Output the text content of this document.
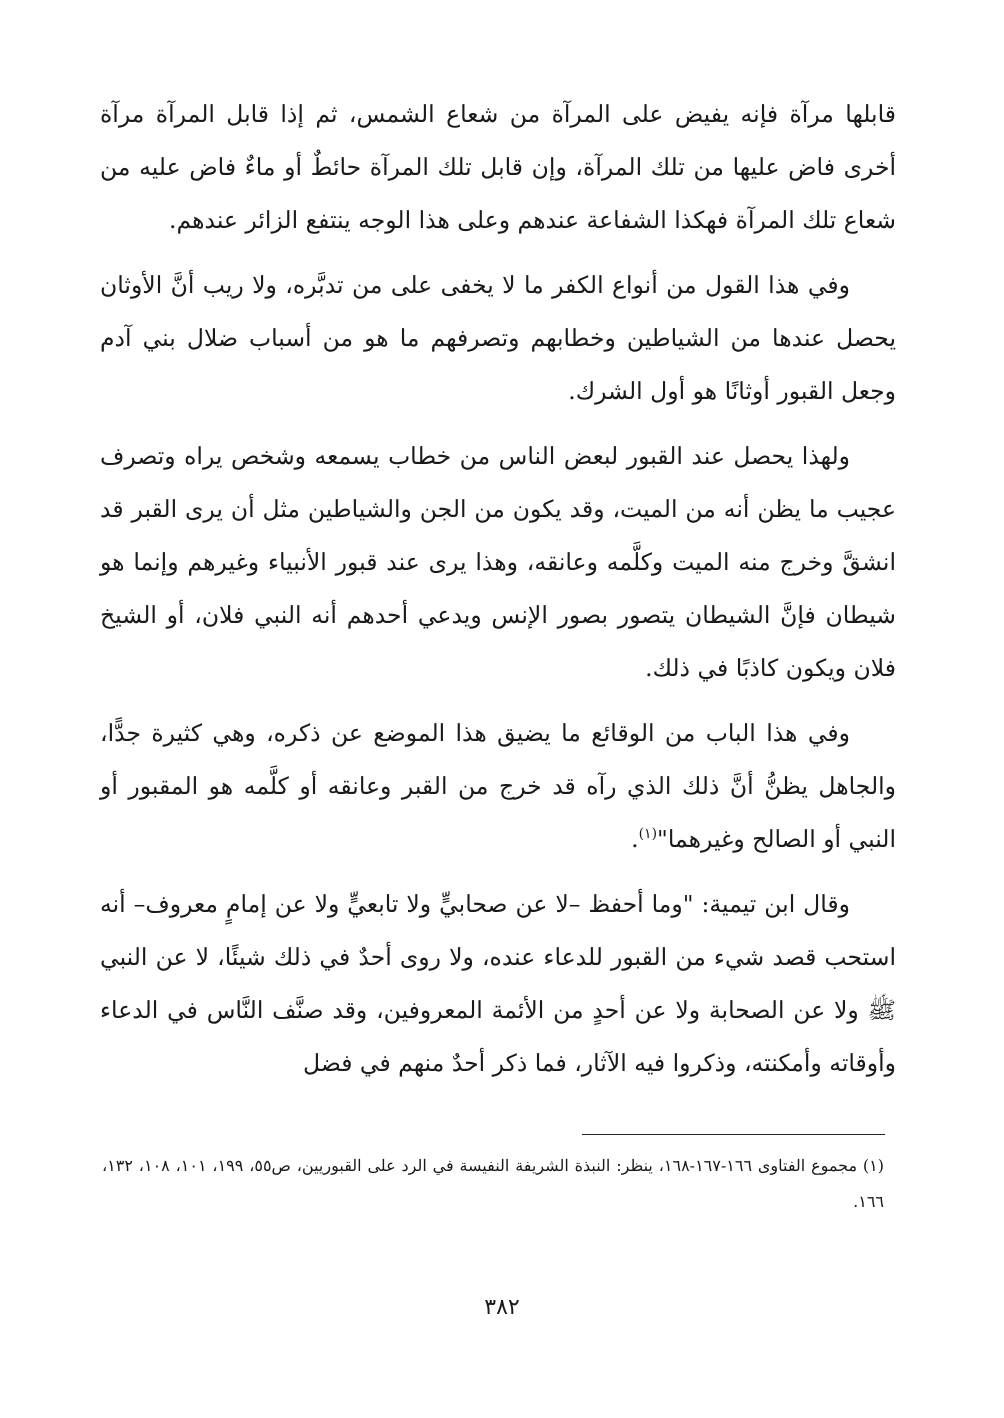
قابلها مرآة فإنه يفيض على المرآة من شعاع الشمس، ثم إذا قابل المرآة مرآة أخرى فاض عليها من تلك المرآة، وإن قابل تلك المرآة حائطٌ أو ماءٌ فاض عليه من شعاع تلك المرآة فهكذا الشفاعة عندهم وعلى هذا الوجه ينتفع الزائر عندهم.

وفي هذا القول من أنواع الكفر ما لا يخفى على من تدبَّره، ولا ريب أنَّ الأوثان يحصل عندها من الشياطين وخطابهم وتصرفهم ما هو من أسباب ضلال بني آدم وجعل القبور أوثانًا هو أول الشرك.

ولهذا يحصل عند القبور لبعض الناس من خطاب يسمعه وشخص يراه وتصرف عجيب ما يظن أنه من الميت، وقد يكون من الجن والشياطين مثل أن يرى القبر قد انشقَّ وخرج منه الميت وكلَّمه وعانقه، وهذا يرى عند قبور الأنبياء وغيرهم وإنما هو شيطان فإنَّ الشيطان يتصور بصور الإنس ويدعي أحدهم أنه النبي فلان، أو الشيخ فلان ويكون كاذبًا في ذلك.

وفي هذا الباب من الوقائع ما يضيق هذا الموضع عن ذكره، وهي كثيرة جدًّا، والجاهل يظنُّ أنَّ ذلك الذي رآه قد خرج من القبر وعانقه أو كلَّمه هو المقبور أو النبي أو الصالح وغيرهما"$^{(١)}$.

وقال ابن تيمية: "وما أحفظ –لا عن صحابيٍّ ولا تابعيٍّ ولا عن إمامٍ معروف– أنه استحب قصد شيء من القبور للدعاء عنده، ولا روى أحدٌ في ذلك شيئًا، لا عن النبي ﷺ ولا عن الصحابة ولا عن أحدٍ من الأئمة المعروفين، وقد صنَّف النَّاس في الدعاء وأوقاته وأمكنته، وذكروا فيه الآثار، فما ذكر أحدٌ منهم في فضل

(١) مجموع الفتاوى ١٦٦-١٦٧-١٦٨، ينظر: النبذة الشريفة النفيسة في الرد على القبوريين، ص٥٥، ١٩٩، ١٠١، ١٠٨، ١٣٢، ١٦٦.

٣٨٢
